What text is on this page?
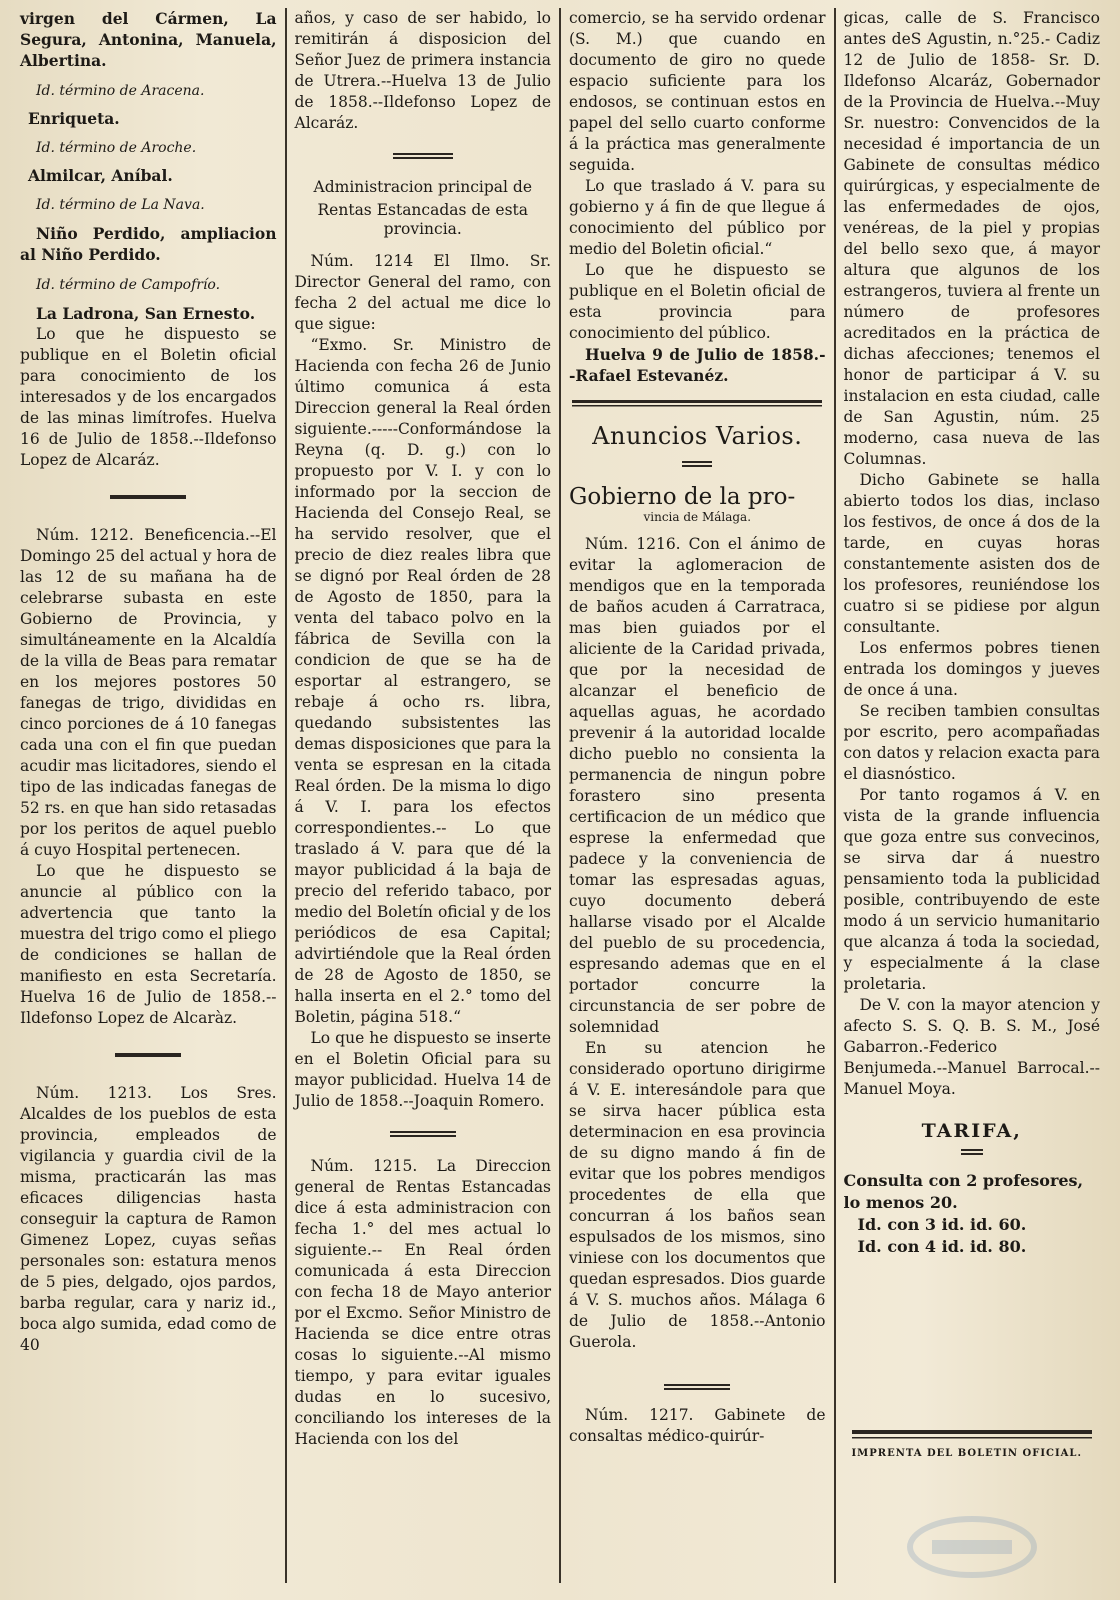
virgen del Cármen, La Segura, Antonina, Manuela, Albertina.

Id. término de Aracena.
Enriqueta.
Id. término de Aroche.
Almilcar, Aníbal.
Id. término de La Nava.

Niño Perdido, ampliacion al Niño Perdido.

Id. término de Campofrío.

La Ladrona, San Ernesto.

Lo que he dispuesto se publique en el Boletin oficial para conocimiento de los interesados y de los encargados de las minas limítrofes. Huelva 16 de Julio de 1858.--Ildefonso Lopez de Alcaráz.

Núm. 1212. Beneficencia.--El Domingo 25 del actual y hora de las 12 de su mañana ha de celebrarse subasta en este Gobierno de Provincia, y simultáneamente en la Alcaldía de la villa de Beas para rematar en los mejores postores 50 fanegas de trigo, divididas en cinco porciones de á 10 fanegas cada una con el fin que puedan acudir mas licitadores, siendo el tipo de las indicadas fanegas de 52 rs. en que han sido retasadas por los peritos de aquel pueblo á cuyo Hospital pertenecen.

Lo que he dispuesto se anuncie al público con la advertencia que tanto la muestra del trigo como el pliego de condiciones se hallan de manifiesto en esta Secretaría. Huelva 16 de Julio de 1858.--Ildefonso Lopez de Alcaràz.

Núm. 1213. Los Sres. Alcaldes de los pueblos de esta provincia, empleados de vigilancia y guardia civil de la misma, practicarán las mas eficaces diligencias hasta conseguir la captura de Ramon Gimenez Lopez, cuyas señas personales son: estatura menos de 5 pies, delgado, ojos pardos, barba regular, cara y nariz id., boca algo sumida, edad como de 40

años, y caso de ser habido, lo remitirán á disposicion del Señor Juez de primera instancia de Utrera.--Huelva 13 de Julio de 1858.--Ildefonso Lopez de Alcaráz.

Administracion principal de
Rentas Estancadas de esta provincia.

Núm. 1214 El Ilmo. Sr. Director General del ramo, con fecha 2 del actual me dice lo que sigue:

“Exmo. Sr. Ministro de Hacienda con fecha 26 de Junio último comunica á esta Direccion general la Real órden siguiente.-----Conformándose la Reyna (q. D. g.) con lo propuesto por V. I. y con lo informado por la seccion de Hacienda del Consejo Real, se ha servido resolver, que el precio de diez reales libra que se dignó por Real órden de 28 de Agosto de 1850, para la venta del tabaco polvo en la fábrica de Sevilla con la condicion de que se ha de esportar al estrangero, se rebaje á ocho rs. libra, quedando subsistentes las demas disposiciones que para la venta se espresan en la citada Real órden. De la misma lo digo á V. I. para los efectos correspondientes.-- Lo que traslado á V. para que dé la mayor publicidad á la baja de precio del referido tabaco, por medio del Boletín oficial y de los periódicos de esa Capital; advirtiéndole que la Real órden de 28 de Agosto de 1850, se halla inserta en el 2.° tomo del Boletin, página 518.“

Lo que he dispuesto se inserte en el Boletin Oficial para su mayor publicidad. Huelva 14 de Julio de 1858.--Joaquin Romero.

Núm. 1215. La Direccion general de Rentas Estancadas dice á esta administracion con fecha 1.° del mes actual lo siguiente.-- En Real órden comunicada á esta Direccion con fecha 18 de Mayo anterior por el Excmo. Señor Ministro de Hacienda se dice entre otras cosas lo siguiente.--Al mismo tiempo, y para evitar iguales dudas en lo sucesivo, conciliando los intereses de la Hacienda con los del

comercio, se ha servido ordenar (S. M.) que cuando en documento de giro no quede espacio suficiente para los endosos, se continuan estos en papel del sello cuarto conforme á la práctica mas generalmente seguida.

Lo que traslado á V. para su gobierno y á fin de que llegue á conocimiento del público por medio del Boletin oficial.“

Lo que he dispuesto se publique en el Boletin oficial de esta provincia para conocimiento del público.

Huelva 9 de Julio de 1858.--Rafael Estevanéz.

Anuncios Varios.
Gobierno de la pro-
vincia de Málaga.

Núm. 1216. Con el ánimo de evitar la aglomeracion de mendigos que en la temporada de baños acuden á Carratraca, mas bien guiados por el aliciente de la Caridad privada, que por la necesidad de alcanzar el beneficio de aquellas aguas, he acordado prevenir á la autoridad localde dicho pueblo no consienta la permanencia de ningun pobre forastero sino presenta certificacion de un médico que esprese la enfermedad que padece y la conveniencia de tomar las espresadas aguas, cuyo documento deberá hallarse visado por el Alcalde del pueblo de su procedencia, espresando ademas que en el portador concurre la circunstancia de ser pobre de solemnidad

En su atencion he considerado oportuno dirigirme á V. E. interesándole para que se sirva hacer pública esta determinacion en esa provincia de su digno mando á fin de evitar que los pobres mendigos procedentes de ella que concurran á los baños sean espulsados de los mismos, sino viniese con los documentos que quedan espresados. Dios guarde á V. S. muchos años. Málaga 6 de Julio de 1858.--Antonio Guerola.

Núm. 1217. Gabinete de consaltas médico-quirúr-

gicas, calle de S. Francisco antes deS Agustin, n.°25.- Cadiz 12 de Julio de 1858- Sr. D. Ildefonso Alcaráz, Gobernador de la Provincia de Huelva.--Muy Sr. nuestro: Convencidos de la necesidad é importancia de un Gabinete de consultas médico quirúrgicas, y especialmente de las enfermedades de ojos, venéreas, de la piel y propias del bello sexo que, á mayor altura que algunos de los estrangeros, tuviera al frente un número de profesores acreditados en la práctica de dichas afecciones; tenemos el honor de participar á V. su instalacion en esta ciudad, calle de San Agustin, núm. 25 moderno, casa nueva de las Columnas.

Dicho Gabinete se halla abierto todos los dias, inclaso los festivos, de once á dos de la tarde, en cuyas horas constantemente asisten dos de los profesores, reuniéndose los cuatro si se pidiese por algun consultante.

Los enfermos pobres tienen entrada los domingos y jueves de once á una.

Se reciben tambien consultas por escrito, pero acompañadas con datos y relacion exacta para el diasnóstico.

Por tanto rogamos á V. en vista de la grande influencia que goza entre sus convecinos, se sirva dar á nuestro pensamiento toda la publicidad posible, contribuyendo de este modo á un servicio humanitario que alcanza á toda la sociedad, y especialmente á la clase proletaria.

De V. con la mayor atencion y afecto S. S. Q. B. S. M., José Gabarron.-Federico Benjumeda.--Manuel Barrocal.--Manuel Moya.

TARIFA,
Consulta con 2 profesores, lo menos 20.
Id. con 3 id. id. 60.
Id. con 4 id. id. 80.
IMPRENTA DEL BOLETIN OFICIAL.
